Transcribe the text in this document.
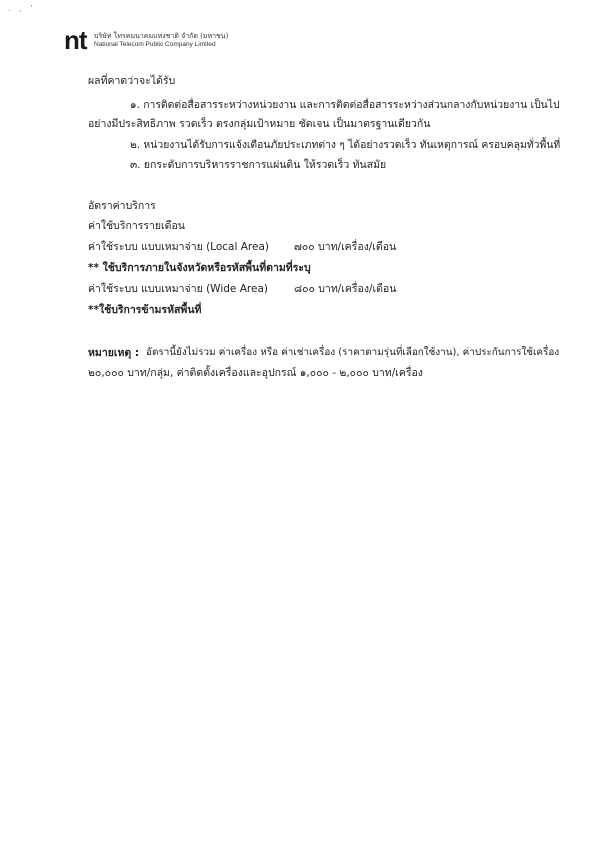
. , ’
nt บริษัท โทรคมนาคมแห่งชาติ จำกัด (มหาชน)
National Telecom Public Company Limited
ผลที่คาดว่าจะได้รับ
๑. การติดต่อสื่อสารระหว่างหน่วยงาน และการติดต่อสื่อสารระหว่างส่วนกลางกับหน่วยงาน เป็นไป
อย่างมีประสิทธิภาพ รวดเร็ว ตรงกลุ่มเป้าหมาย ชัดเจน เป็นมาตรฐานเดียวกัน
๒. หน่วยงานได้รับการแจ้งเตือนภัยประเภทต่าง ๆ ได้อย่างรวดเร็ว ทันเหตุการณ์ ครอบคลุมทั่วพื้นที่
๓. ยกระดับการบริหารราชการแผ่นดิน ให้รวดเร็ว ทันสมัย
อัตราค่าบริการ
ค่าใช้บริการรายเดือน
ค่าใช้ระบบ แบบเหมาจ่าย (Local Area) ๗๐๐ บาท/เครื่อง/เดือน
** ใช้บริการภายในจังหวัดหรือรหัสพื้นที่ตามที่ระบุ
ค่าใช้ระบบ แบบเหมาจ่าย (Wide Area) ๘๐๐ บาท/เครื่อง/เดือน
**ใช้บริการข้ามรหัสพื้นที่
หมายเหตุ : อัตรานี้ยังไม่รวม ค่าเครื่อง หรือ ค่าเช่าเครื่อง (ราคาตามรุ่นที่เลือกใช้งาน), ค่าประกันการใช้เครื่อง
๒๐,๐๐๐ บาท/กลุ่ม, ค่าติดตั้งเครื่องและอุปกรณ์ ๑,๐๐๐ - ๒,๐๐๐ บาท/เครื่อง
